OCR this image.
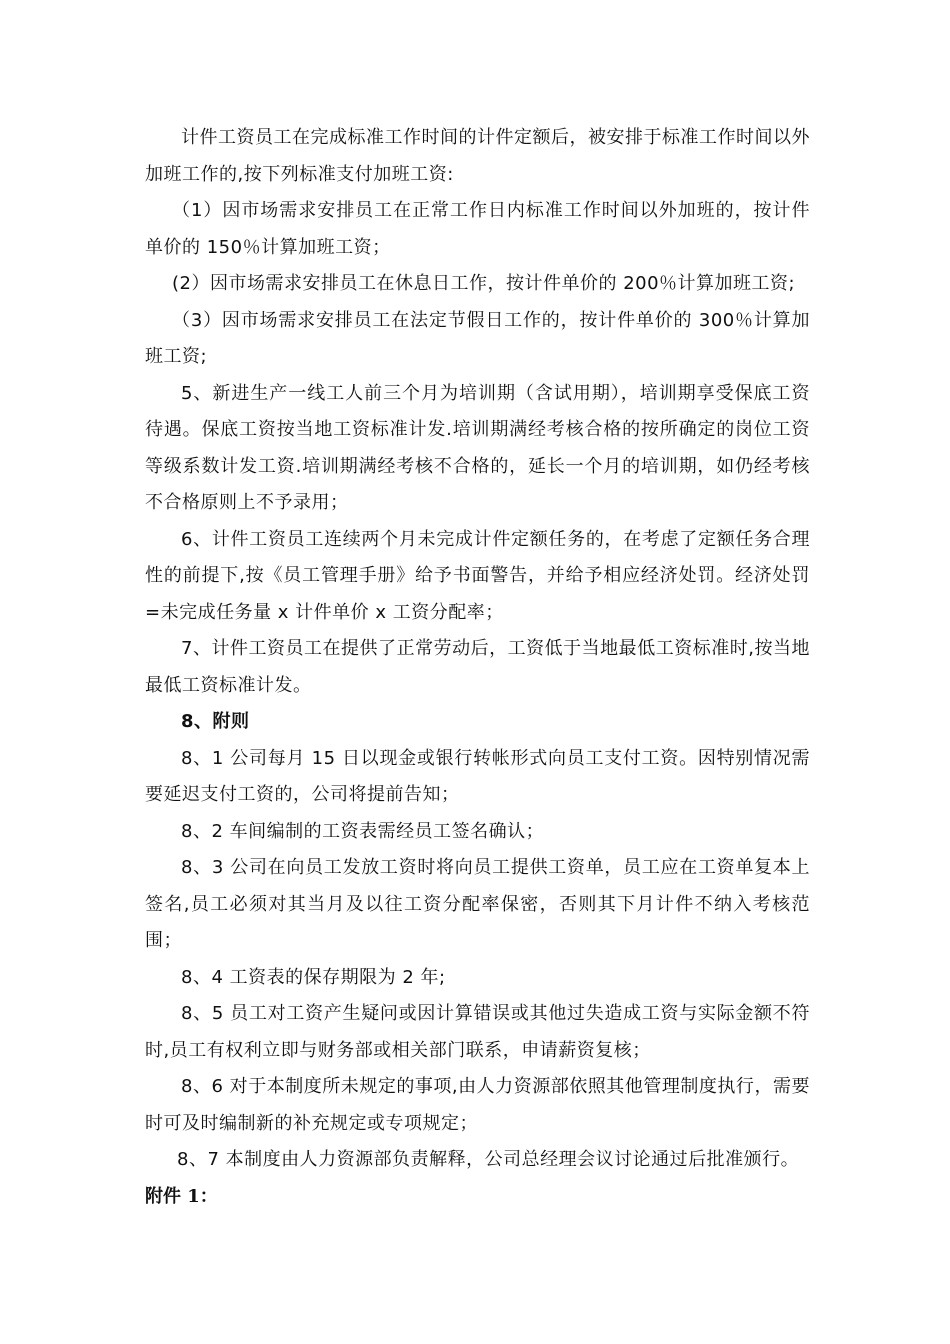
计件工资员工在完成标准工作时间的计件定额后，被安排于标准工作时间以外加班工作的,按下列标准支付加班工资:

（1）因市场需求安排员工在正常工作日内标准工作时间以外加班的，按计件单价的 150％计算加班工资；

(2）因市场需求安排员工在休息日工作，按计件单价的 200％计算加班工资;

（3）因市场需求安排员工在法定节假日工作的，按计件单价的 300％计算加班工资;

5、新进生产一线工人前三个月为培训期（含试用期），培训期享受保底工资待遇。保底工资按当地工资标准计发.培训期满经考核合格的按所确定的岗位工资等级系数计发工资.培训期满经考核不合格的，延长一个月的培训期，如仍经考核不合格原则上不予录用；

6、计件工资员工连续两个月未完成计件定额任务的，在考虑了定额任务合理性的前提下,按《员工管理手册》给予书面警告，并给予相应经济处罚。经济处罚=未完成任务量 x 计件单价 x 工资分配率；

7、计件工资员工在提供了正常劳动后，工资低于当地最低工资标准时,按当地最低工资标准计发。

8、附则

8、1 公司每月 15 日以现金或银行转帐形式向员工支付工资。因特别情况需要延迟支付工资的，公司将提前告知；

8、2 车间编制的工资表需经员工签名确认；

8、3 公司在向员工发放工资时将向员工提供工资单，员工应在工资单复本上签名,员工必须对其当月及以往工资分配率保密，否则其下月计件不纳入考核范围；

8、4 工资表的保存期限为 2 年;

8、5 员工对工资产生疑问或因计算错误或其他过失造成工资与实际金额不符时,员工有权利立即与财务部或相关部门联系，申请薪资复核；

8、6 对于本制度所未规定的事项,由人力资源部依照其他管理制度执行，需要时可及时编制新的补充规定或专项规定；

8、7 本制度由人力资源部负责解释，公司总经理会议讨论通过后批准颁行。

附件 1：
